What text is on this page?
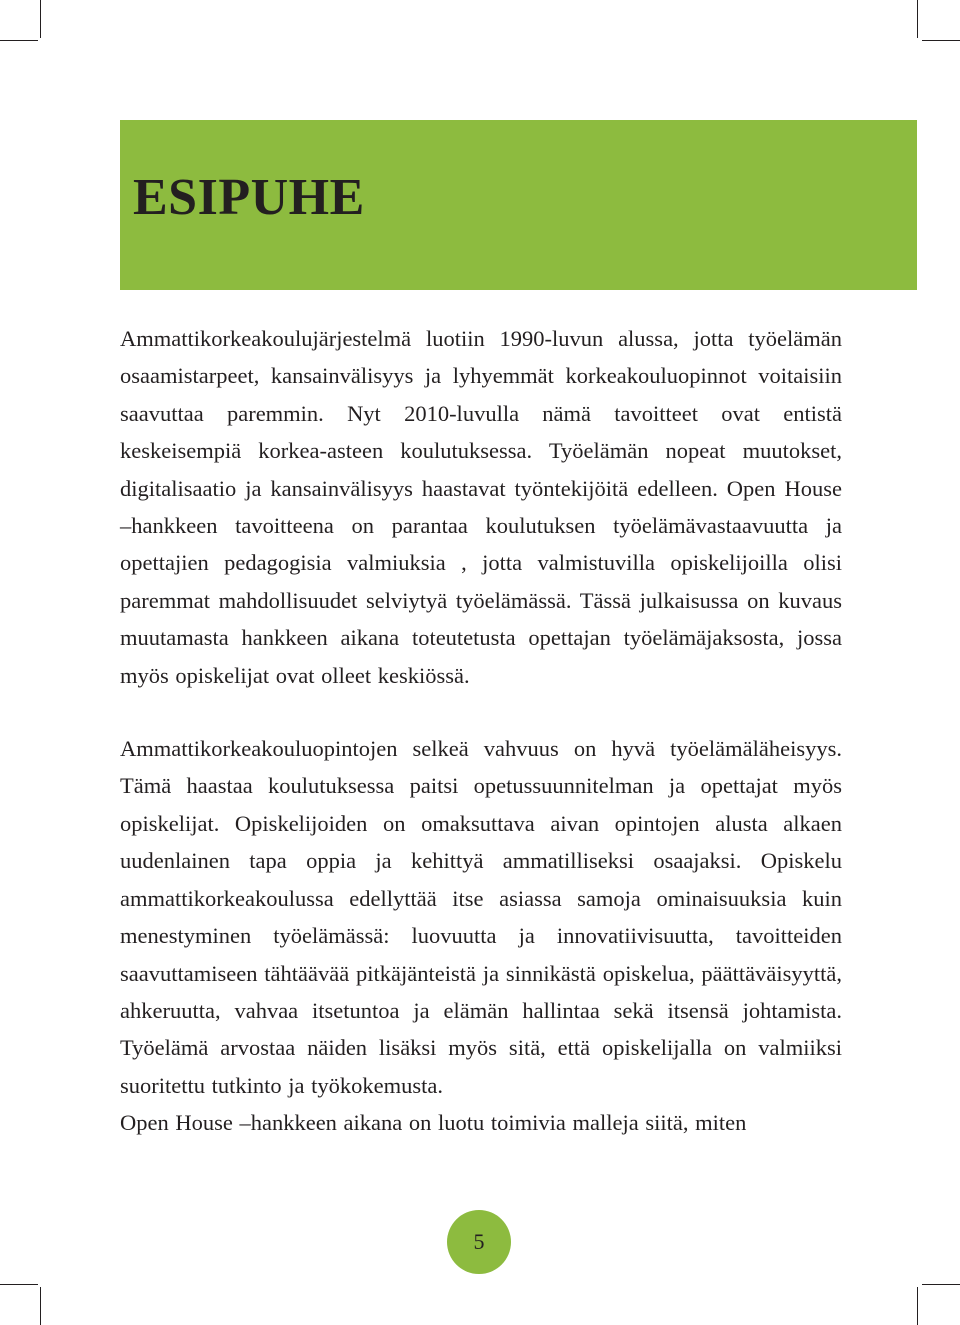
ESIPUHE

Ammattikorkeakoulujärjestelmä luotiin 1990-luvun alussa, jotta työelämän osaamistarpeet, kansainvälisyys ja lyhyemmät korkeakouluopinnot voitaisiin saavuttaa paremmin. Nyt 2010-luvulla nämä tavoitteet ovat entistä keskeisempiä korkea-asteen koulutuksessa. Työelämän nopeat muutokset, digitalisaatio ja kansainvälisyys haastavat työntekijöitä edelleen. Open House –hankkeen tavoitteena on parantaa koulutuksen työelämävastaavuutta ja opettajien pedagogisia valmiuksia , jotta valmistuvilla opiskelijoilla olisi paremmat mahdollisuudet selviytyä työelämässä. Tässä julkaisussa on kuvaus muutamasta hankkeen aikana toteutetusta opettajan työelämäjaksosta, jossa myös opiskelijat ovat olleet keskiössä.

Ammattikorkeakouluopintojen selkeä vahvuus on hyvä työelämäläheisyys. Tämä haastaa koulutuksessa paitsi opetussuunnitelman ja opettajat myös opiskelijat. Opiskelijoiden on omaksuttava aivan opintojen alusta alkaen uudenlainen tapa oppia ja kehittyä ammatilliseksi osaajaksi. Opiskelu ammattikorkeakoulussa edellyttää itse asiassa samoja ominaisuuksia kuin menestyminen työelämässä: luovuutta ja innovatiivisuutta, tavoitteiden saavuttamiseen tähtäävää pitkäjänteistä ja sinnikästä opiskelua, päättäväisyyttä, ahkeruutta, vahvaa itsetuntoa ja elämän hallintaa sekä itsensä johtamista. Työelämä arvostaa näiden lisäksi myös sitä, että opiskelijalla on valmiiksi suoritettu tutkinto ja työkokemusta.

Open House –hankkeen aikana on luotu toimivia malleja siitä, miten

5
